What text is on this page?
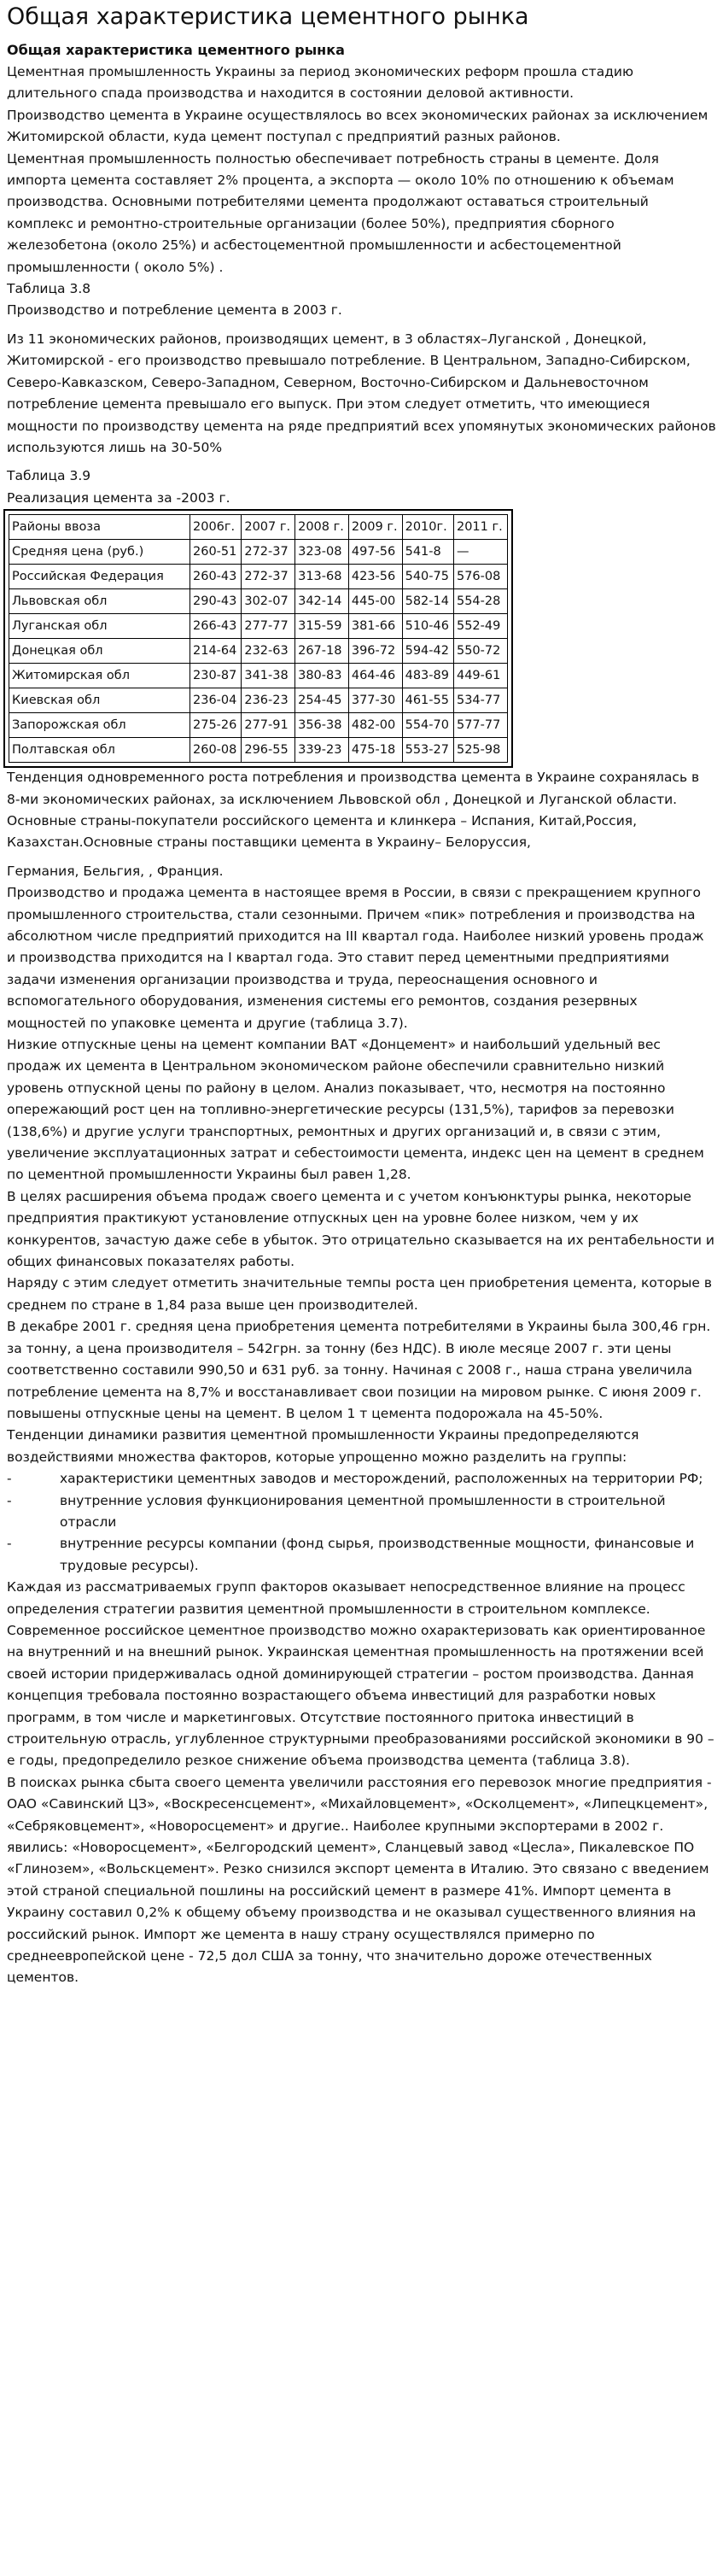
Общая характеристика цементного рынка
Общая характеристика цементного рынка

Цементная промышленность Украины за период экономических реформ прошла стадию длительного спада производства и находится в состоянии деловой активности.

Производство цемента в Украине осуществлялось во всех экономических районах за исключением Житомирской области, куда цемент поступал с предприятий разных районов.

Цементная промышленность полностью обеспечивает потребность страны в цементе. Доля импорта цемента составляет 2% процента, а экспорта — около 10% по отношению к объемам производства. Основными потребителями цемента продолжают оставаться строительный комплекс и ремонтно-строительные организации (более 50%), предприятия сборного железобетона (около 25%) и асбестоцементной промышленности и асбестоцементной промышленности ( около 5%) .

Таблица 3.8

Производство и потребление цемента в 2003 г.

Из 11 экономических районов, производящих цемент, в 3 областях–Луганской , Донецкой, Житомирской - его производство превышало потребление. В Центральном, Западно-Сибирском, Северо-Кавказском, Северо-Западном, Северном, Восточно-Сибирском и Дальневосточном потребление цемента превышало его выпуск. При этом следует отметить, что имеющиеся мощности по производству цемента на ряде предприятий всех упомянутых экономических районов используются лишь на 30-50%

Таблица 3.9

Реализация цемента за -2003 г.

Районы ввоза	2006г.	2007 г.	2008 г.	2009 г.	2010г.	2011 г.
Средняя цена (руб.)	260-51	272-37	323-08	497-56	541-8	—
Российская Федерация	260-43	272-37	313-68	423-56	540-75	576-08
Львовская обл	290-43	302-07	342-14	445-00	582-14	554-28
Луганская обл	266-43	277-77	315-59	381-66	510-46	552-49
Донецкая обл	214-64	232-63	267-18	396-72	594-42	550-72
Житомирская обл	230-87	341-38	380-83	464-46	483-89	449-61
Киевская обл	236-04	236-23	254-45	377-30	461-55	534-77
Запорожская обл	275-26	277-91	356-38	482-00	554-70	577-77
Полтавская обл	260-08	296-55	339-23	475-18	553-27	525-98

Тенденция одновременного роста потребления и производства цемента в Украине сохранялась в 8-ми экономических районах, за исключением Львовской обл , Донецкой и Луганской области. Основные страны-покупатели российского цемента и клинкера – Испания, Китай,Россия, Казахстан.Основные страны поставщики цемента в Украину– Белоруссия,

Германия, Бельгия, , Франция.

Производство и продажа цемента в настоящее время в России, в связи с прекращением крупного промышленного строительства, стали сезонными. Причем «пик» потребления и производства на абсолютном числе предприятий приходится на III квартал года. Наиболее низкий уровень продаж и производства приходится на I квартал года. Это ставит перед цементными предприятиями задачи изменения организации производства и труда, переоснащения основного и вспомогательного оборудования, изменения системы его ремонтов, создания резервных мощностей по упаковке цемента и другие (таблица 3.7).

Низкие отпускные цены на цемент компании ВАТ «Донцемент» и наибольший удельный вес продаж их цемента в Центральном экономическом районе обеспечили сравнительно низкий уровень отпускной цены по району в целом. Анализ показывает, что, несмотря на постоянно опережающий рост цен на топливно-энергетические ресурсы (131,5%), тарифов за перевозки (138,6%) и другие услуги транспортных, ремонтных и других организаций и, в связи с этим, увеличение эксплуатационных затрат и себестоимости цемента, индекс цен на цемент в среднем по цементной промышленности Украины был равен 1,28.

В целях расширения объема продаж своего цемента и с учетом конъюнктуры рынка, некоторые предприятия практикуют установление отпускных цен на уровне более низком, чем у их конкурентов, зачастую даже себе в убыток. Это отрицательно сказывается на их рентабельности и общих финансовых показателях работы.

Наряду с этим следует отметить значительные темпы роста цен приобретения цемента, которые в среднем по стране в 1,84 раза выше цен производителей.

В декабре 2001 г. средняя цена приобретения цемента потребителями в Украины была 300,46 грн. за тонну, а цена производителя – 542грн. за тонну (без НДС). В июле месяце 2007 г. эти цены соответственно составили 990,50 и 631 руб. за тонну. Начиная с 2008 г., наша страна увеличила потребление цемента на 8,7% и восстанавливает свои позиции на мировом рынке. С июня 2009 г. повышены отпускные цены на цемент. В целом 1 т цемента подорожала на 45-50%.

Тенденции динамики развития цементной промышленности Украины предопределяются воздействиями множества факторов, которые упрощенно можно разделить на группы:

-	характеристики цементных заводов и месторождений, расположенных на территории РФ;
-	внутренние условия функционирования цементной промышленности в строительной отрасли
-	внутренние ресурсы компании (фонд сырья, производственные мощности, финансовые и трудовые ресурсы).

Каждая из рассматриваемых групп факторов оказывает непосредственное влияние на процесс определения стратегии развития цементной промышленности в строительном комплексе.

Современное российское цементное производство можно охарактеризовать как ориентированное на внутренний и на внешний рынок. Украинская цементная промышленность на протяжении всей своей истории придерживалась одной доминирующей стратегии – ростом производства. Данная концепция требовала постоянно возрастающего объема инвестиций для разработки новых программ, в том числе и маркетинговых. Отсутствие постоянного притока инвестиций в строительную отрасль, углубленное структурными преобразованиями российской экономики в 90 – е годы, предопределило резкое снижение объема производства цемента (таблица 3.8).

В поисках рынка сбыта своего цемента увеличили расстояния его перевозок многие предприятия - ОАО «Савинский ЦЗ», «Воскресенсцемент», «Михайловцемент», «Осколцемент», «Липецкцемент», «Себряковцемент», «Новоросцемент» и другие.. Наиболее крупными экспортерами в 2002 г. явились: «Новоросцемент», «Белгородский цемент», Сланцевый завод «Цесла», Пикалевское ПО «Глинозем», «Вольскцемент». Резко снизился экспорт цемента в Италию. Это связано с введением этой страной специальной пошлины на российский цемент в размере 41%. Импорт цемента в Украину составил 0,2% к общему объему производства и не оказывал существенного влияния на российский рынок. Импорт же цемента в нашу страну осуществлялся примерно по среднеевропейской цене - 72,5 дол США за тонну, что значительно дороже отечественных цементов.
